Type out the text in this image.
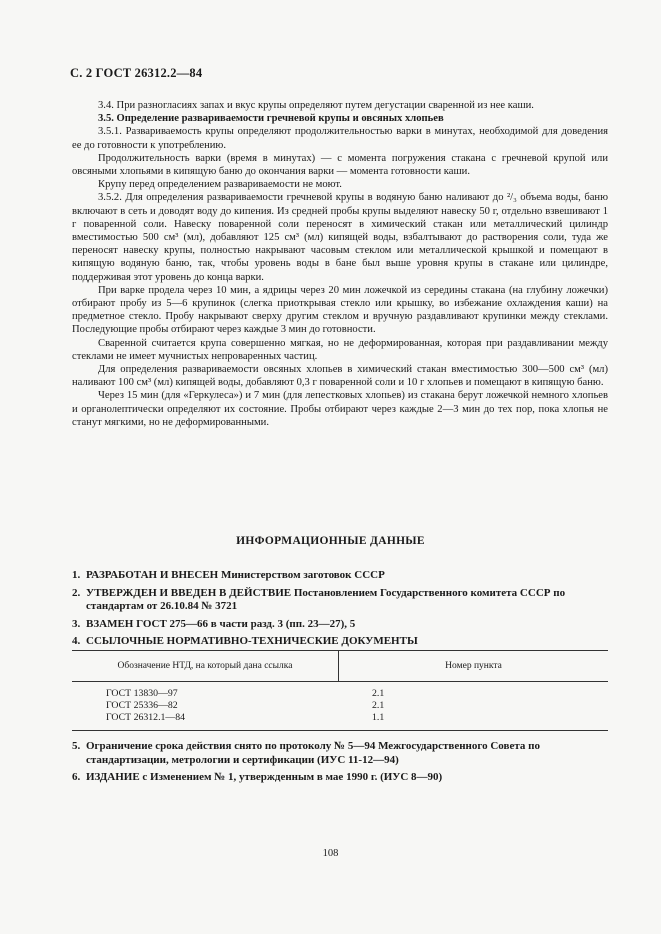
С. 2 ГОСТ 26312.2—84

3.4. При разногласиях запах и вкус крупы определяют путем дегустации сваренной из нее каши.

3.5. Определение развариваемости гречневой крупы и овсяных хлопьев

3.5.1. Развариваемость крупы определяют продолжительностью варки в минутах, необходимой для доведения ее до готовности к употреблению.

Продолжительность варки (время в минутах) — с момента погружения стакана с гречневой крупой или овсяными хлопьями в кипящую баню до окончания варки — момента готовности каши.

Крупу перед определением развариваемости не моют.

3.5.2. Для определения развариваемости гречневой крупы в водяную баню наливают до ²/₃ объема воды, баню включают в сеть и доводят воду до кипения. Из средней пробы крупы выделяют навеску 50 г, отдельно взвешивают 1 г поваренной соли. Навеску поваренной соли переносят в химический стакан или металлический цилиндр вместимостью 500 см³ (мл), добавляют 125 см³ (мл) кипящей воды, взбалтывают до растворения соли, туда же переносят навеску крупы, полностью накрывают часовым стеклом или металлической крышкой и помещают в кипящую водяную баню, так, чтобы уровень воды в бане был выше уровня крупы в стакане или цилиндре, поддерживая этот уровень до конца варки.

При варке продела через 10 мин, а ядрицы через 20 мин ложечкой из середины стакана (на глубину ложечки) отбирают пробу из 5—6 крупинок (слегка приоткрывая стекло или крышку, во избежание охлаждения каши) на предметное стекло. Пробу накрывают сверху другим стеклом и вручную раздавливают крупинки между стеклами. Последующие пробы отбирают через каждые 3 мин до готовности.

Сваренной считается крупа совершенно мягкая, но не деформированная, которая при раздавливании между стеклами не имеет мучнистых непроваренных частиц.

Для определения развариваемости овсяных хлопьев в химический стакан вместимостью 300—500 см³ (мл) наливают 100 см³ (мл) кипящей воды, добавляют 0,3 г поваренной соли и 10 г хлопьев и помещают в кипящую баню.

Через 15 мин (для «Геркулеса») и 7 мин (для лепестковых хлопьев) из стакана берут ложечкой немного хлопьев и органолептически определяют их состояние. Пробы отбирают через каждые 2—3 мин до тех пор, пока хлопья не станут мягкими, но не деформированными.

ИНФОРМАЦИОННЫЕ ДАННЫЕ
1. РАЗРАБОТАН И ВНЕСЕН Министерством заготовок СССР
2. УТВЕРЖДЕН И ВВЕДЕН В ДЕЙСТВИЕ Постановлением Государственного комитета СССР по стандартам от 26.10.84 № 3721
3. ВЗАМЕН ГОСТ 275—66 в части разд. 3 (пп. 23—27), 5
4. ССЫЛОЧНЫЕ НОРМАТИВНО-ТЕХНИЧЕСКИЕ ДОКУМЕНТЫ
Обозначение НТД, на который дана ссылка	Номер пункта
ГОСТ 13830—97	2.1
ГОСТ 25336—82	2.1
ГОСТ 26312.1—84	1.1
5. Ограничение срока действия снято по протоколу № 5—94 Межгосударственного Совета по стандартизации, метрологии и сертификации (ИУС 11-12—94)
6. ИЗДАНИЕ с Изменением № 1, утвержденным в мае 1990 г. (ИУС 8—90)
108
